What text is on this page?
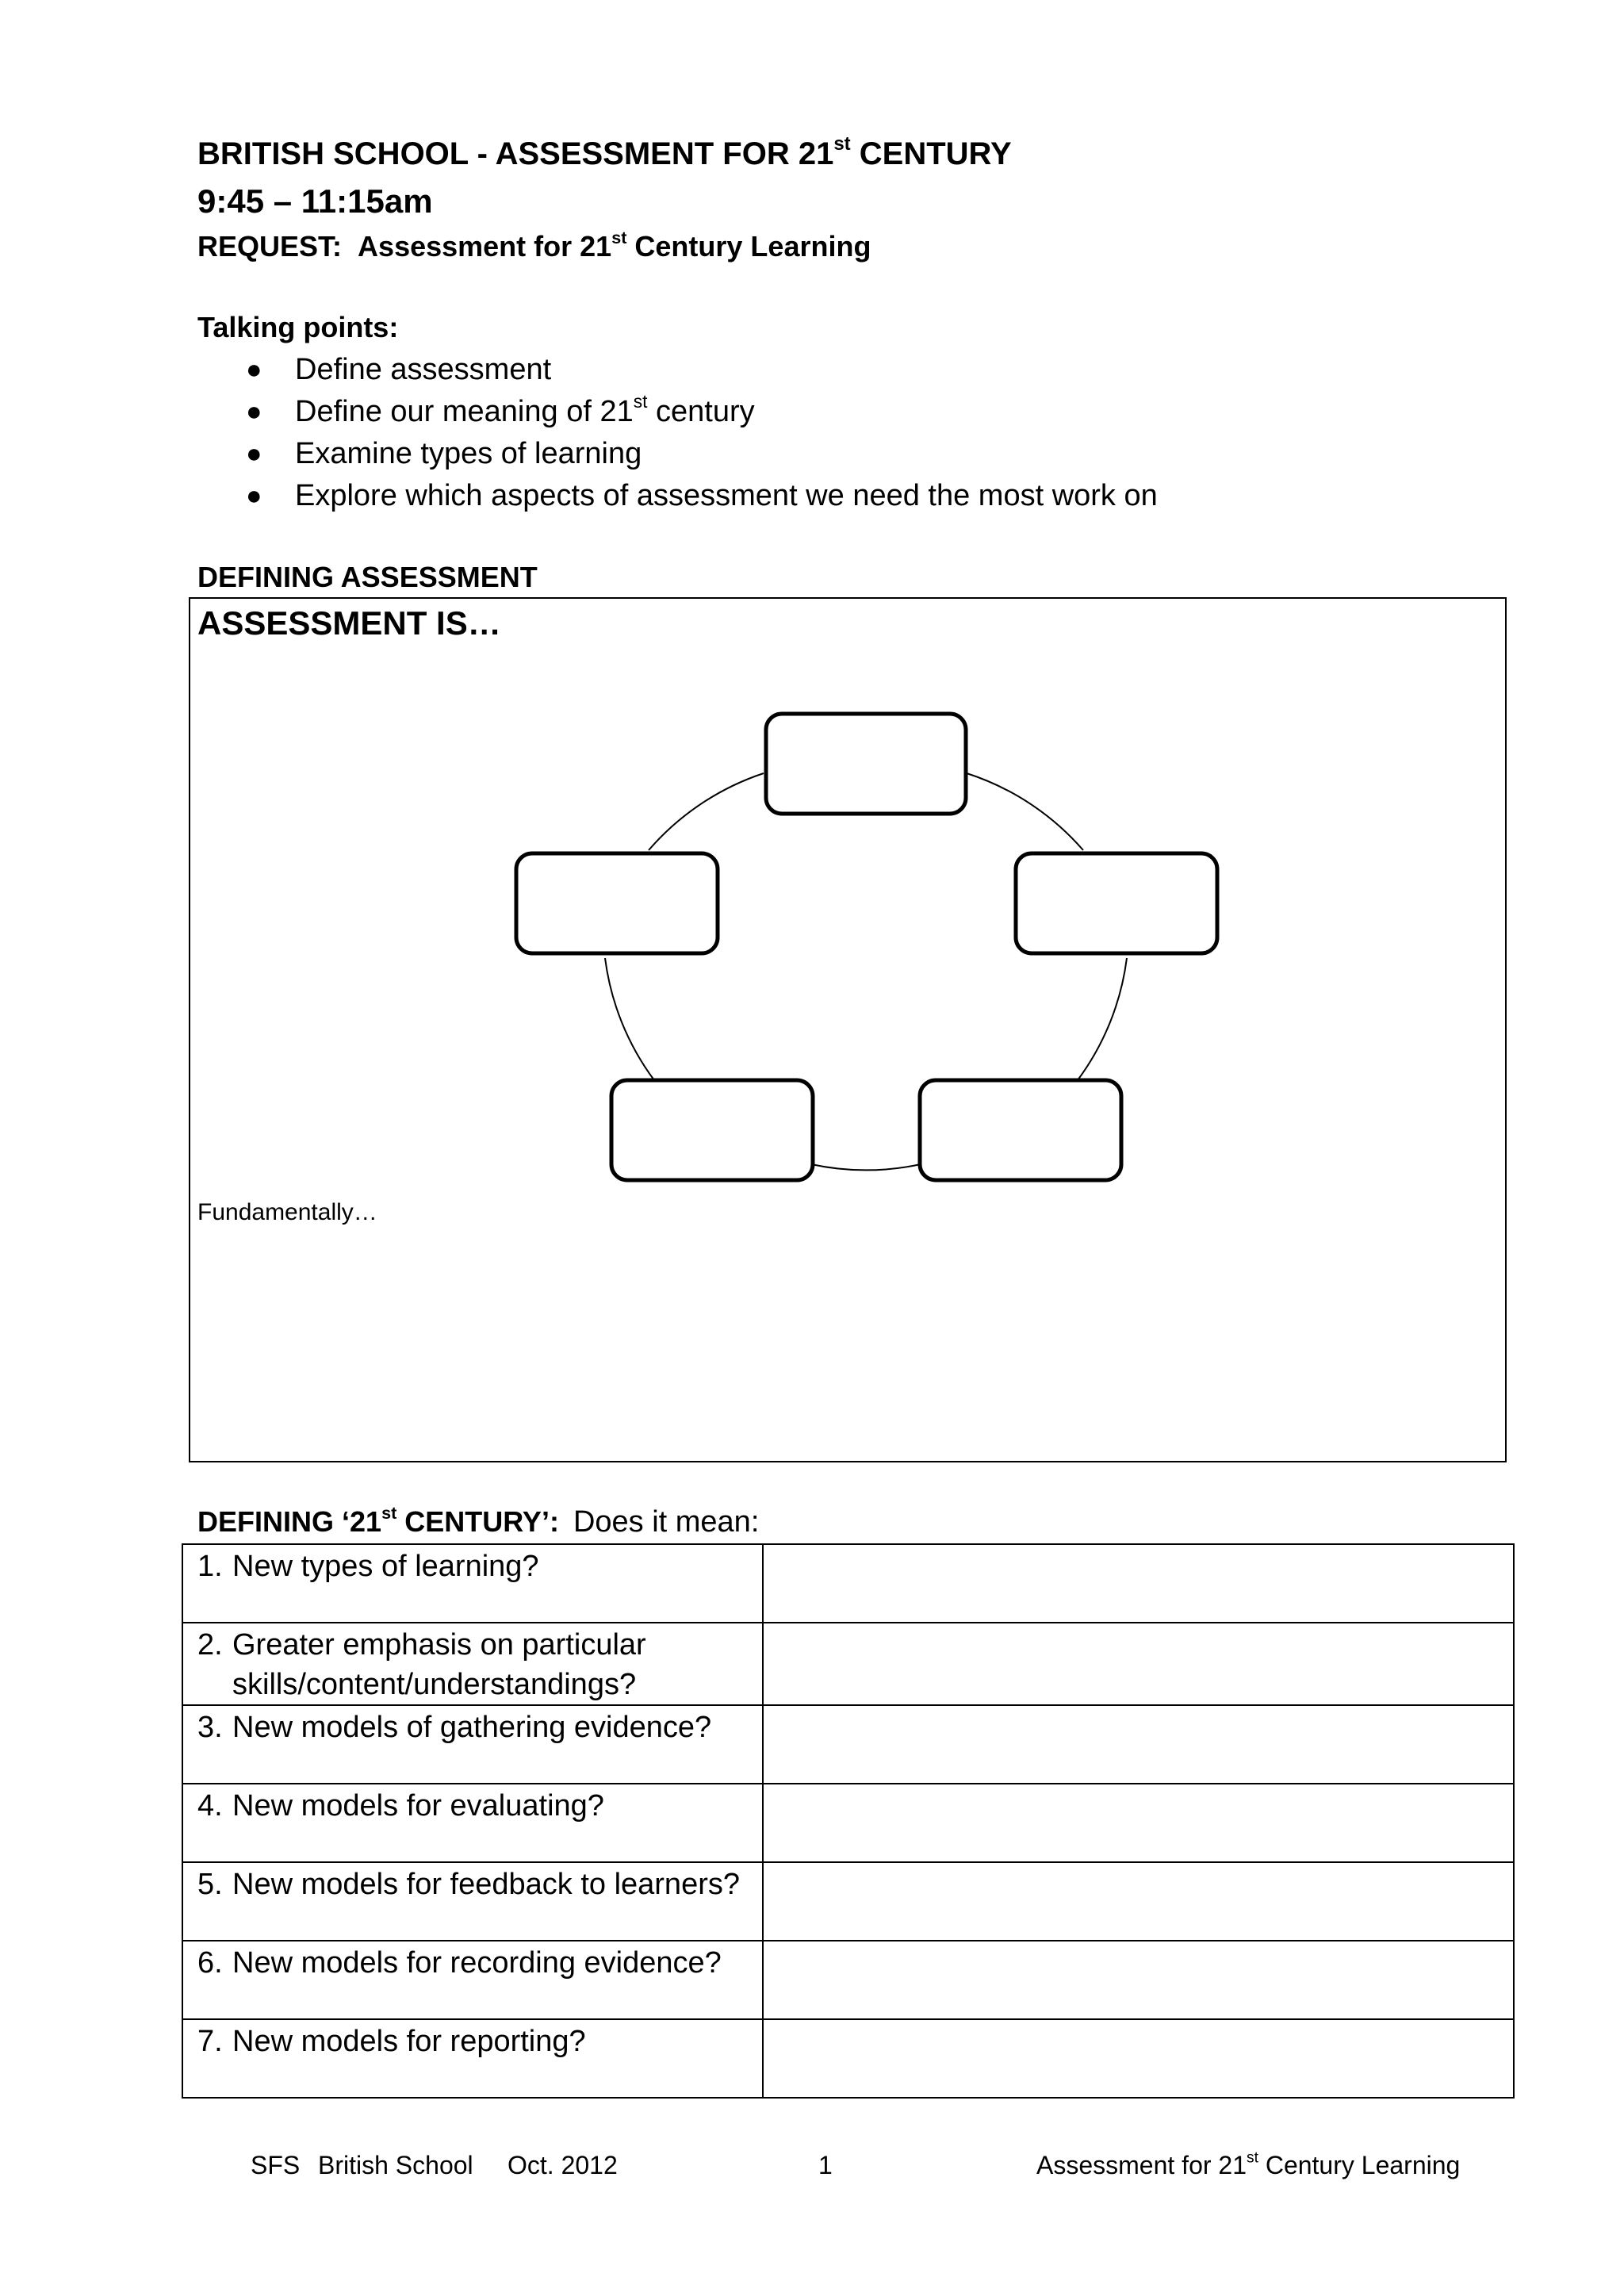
BRITISH SCHOOL - ASSESSMENT FOR 21st CENTURY
9:45 – 11:15am
REQUEST: Assessment for 21st Century Learning
Talking points:
● Define assessment
● Define our meaning of 21st century
● Examine types of learning
● Explore which aspects of assessment we need the most work on
DEFINING ASSESSMENT
ASSESSMENT IS…
Fundamentally…
DEFINING ‘21st CENTURY’: Does it mean:
1. New types of learning?	

2. Greater emphasis on particular skills/content/understandings?	

3. New models of gathering evidence?	

4. New models for evaluating?	

5. New models for feedback to learners?	

6. New models for recording evidence?	

7. New models for reporting?	

SFS British School Oct. 2012	1	Assessment for 21st Century Learning
